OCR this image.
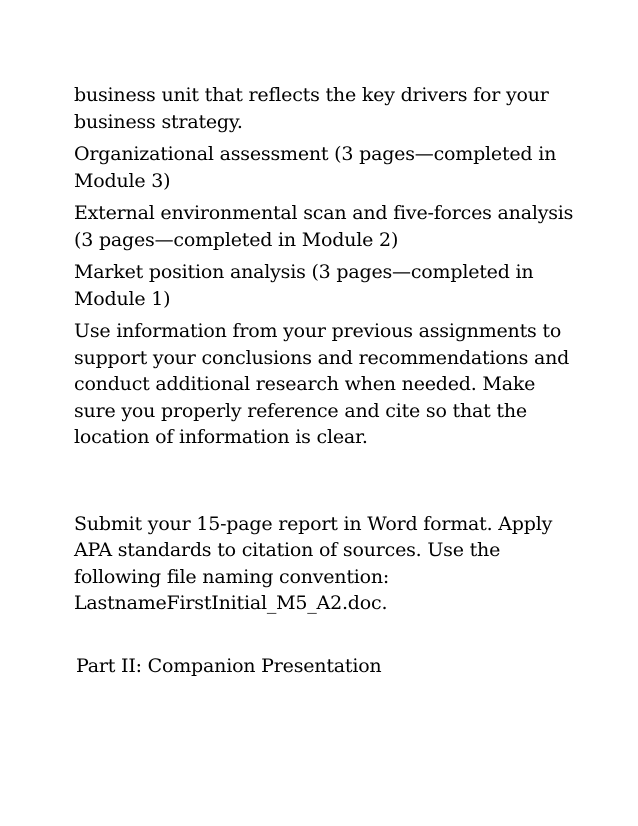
business unit that reflects the key drivers for your business strategy.

Organizational assessment (3 pages—completed in Module 3)

External environmental scan and five-forces analysis (3 pages—completed in Module 2)

Market position analysis (3 pages—completed in Module 1)

Use information from your previous assignments to support your conclusions and recommendations and conduct additional research when needed. Make sure you properly reference and cite so that the location of information is clear.

Submit your 15-page report in Word format. Apply APA standards to citation of sources. Use the following file naming convention: LastnameFirstInitial_M5_A2.doc.

Part II: Companion Presentation
